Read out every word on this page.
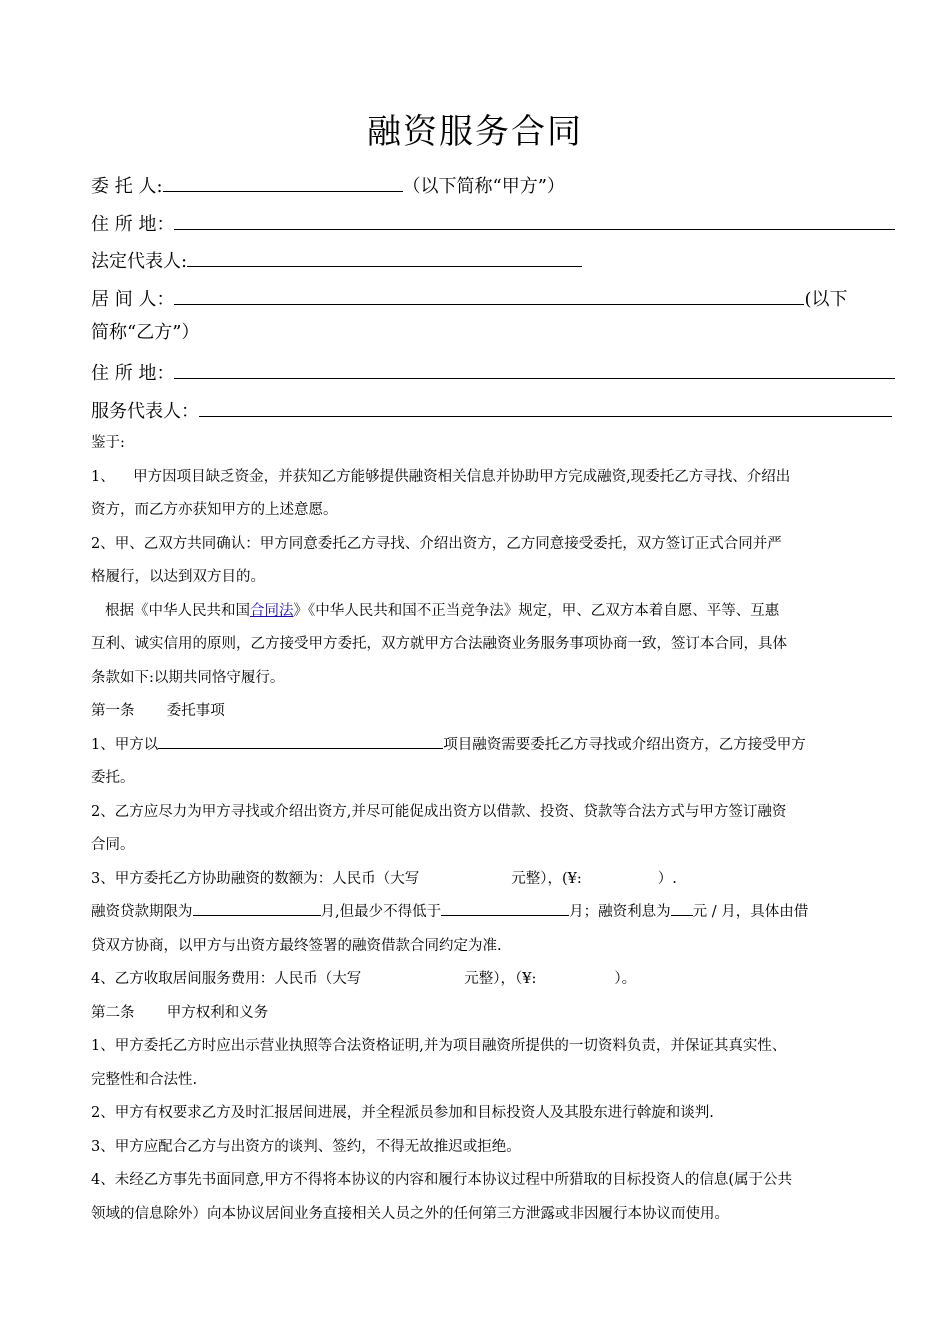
融资服务合同
委 托 人:	（以下简称“甲方”）
住 所 地：
法定代表人:
居 间 人：	(以下
简称“乙方”）
住 所 地：
服务代表人：
鉴于:
1、    甲方因项目缺乏资金，并获知乙方能够提供融资相关信息并协助甲方完成融资,现委托乙方寻找、介绍出
资方，而乙方亦获知甲方的上述意愿。
2、甲、乙双方共同确认：甲方同意委托乙方寻找、介绍出资方，乙方同意接受委托，双方签订正式合同并严
格履行，以达到双方目的。
根据《中华人民共和国合同法》《中华人民共和国不正当竞争法》规定，甲、乙双方本着自愿、平等、互惠
互利、诚实信用的原则，乙方接受甲方委托，双方就甲方合法融资业务服务事项协商一致，签订本合同，具体
条款如下:以期共同恪守履行。
第一条       委托事项
1、甲方以	项目融资需要委托乙方寻找或介绍出资方，乙方接受甲方
委托。
2、乙方应尽力为甲方寻找或介绍出资方,并尽可能促成出资方以借款、投资、贷款等合法方式与甲方签订融资
合同。
3、甲方委托乙方协助融资的数额为：人民币（大写	元整），(¥:	）.
融资贷款期限为	月,但最少不得低于	月；融资利息为 元 / 月，具体由借
贷双方协商，以甲方与出资方最终签署的融资借款合同约定为准.
4、乙方收取居间服务费用：人民币（大写	元整），（¥:	）。
第二条       甲方权利和义务
1、甲方委托乙方时应出示营业执照等合法资格证明,并为项目融资所提供的一切资料负责，并保证其真实性、
完整性和合法性.
2、甲方有权要求乙方及时汇报居间进展，并全程派员参加和目标投资人及其股东进行斡旋和谈判.
3、甲方应配合乙方与出资方的谈判、签约，不得无故推迟或拒绝。
4、未经乙方事先书面同意,甲方不得将本协议的内容和履行本协议过程中所猎取的目标投资人的信息(属于公共
领域的信息除外）向本协议居间业务直接相关人员之外的任何第三方泄露或非因履行本协议而使用。
